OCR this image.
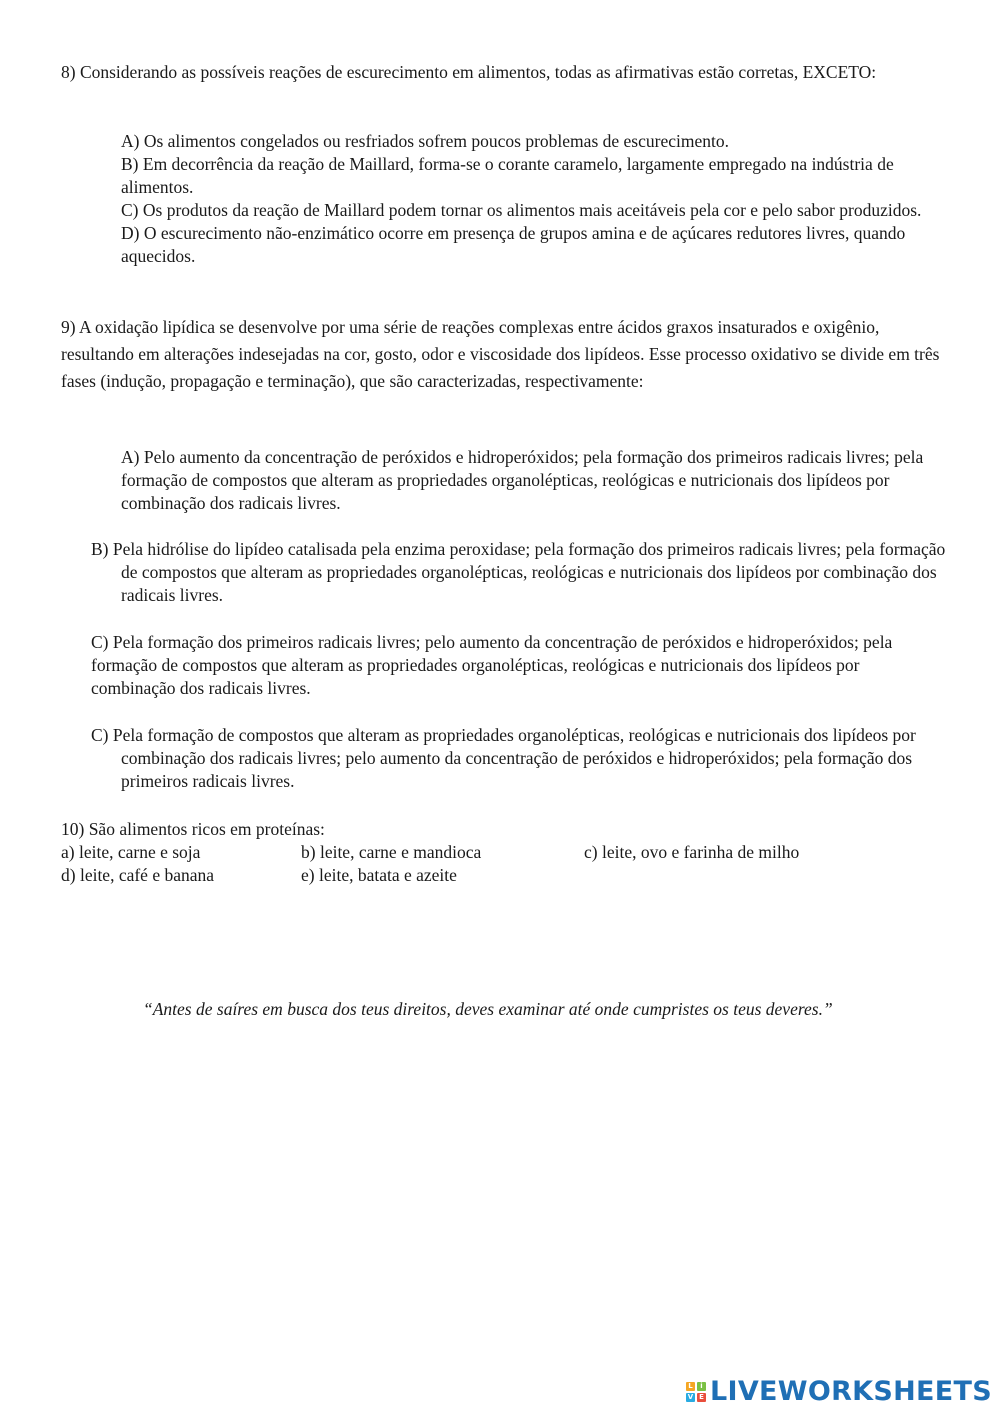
8) Considerando as possíveis reações de escurecimento em alimentos, todas as afirmativas estão corretas, EXCETO:

A) Os alimentos congelados ou resfriados sofrem poucos problemas de escurecimento.

B) Em decorrência da reação de Maillard, forma-se o corante caramelo, largamente empregado na indústria de alimentos.

C) Os produtos da reação de Maillard podem tornar os alimentos mais aceitáveis pela cor e pelo sabor produzidos.

D) O escurecimento não-enzimático ocorre em presença de grupos amina e de açúcares redutores livres, quando aquecidos.

9) A oxidação lipídica se desenvolve por uma série de reações complexas entre ácidos graxos insaturados e oxigênio, resultando em alterações indesejadas na cor, gosto, odor e viscosidade dos lipídeos. Esse processo oxidativo se divide em três fases (indução, propagação e terminação), que são caracterizadas, respectivamente:

A) Pelo aumento da concentração de peróxidos e hidroperóxidos; pela formação dos primeiros radicais livres; pela formação de compostos que alteram as propriedades organolépticas, reológicas e nutricionais dos lipídeos por combinação dos radicais livres.

B) Pela hidrólise do lipídeo catalisada pela enzima peroxidase; pela formação dos primeiros radicais livres; pela formação de compostos que alteram as propriedades organolépticas, reológicas e nutricionais dos lipídeos por combinação dos radicais livres.

C) Pela formação dos primeiros radicais livres; pelo aumento da concentração de peróxidos e hidroperóxidos; pela formação de compostos que alteram as propriedades organolépticas, reológicas e nutricionais dos lipídeos por combinação dos radicais livres.

C) Pela formação de compostos que alteram as propriedades organolépticas, reológicas e nutricionais dos lipídeos por combinação dos radicais livres; pelo aumento da concentração de peróxidos e hidroperóxidos; pela formação dos primeiros radicais livres.

10) São alimentos ricos em proteínas:

a) leite, carne e soja	b) leite, carne e mandioca	c) leite, ovo e farinha de milho
d) leite, café e banana	e) leite, batata e azeite

“Antes de saíres em busca dos teus direitos, deves examinar até onde cumpristes os teus deveres.”

L	i
V E LIVEWORKSHEETS
